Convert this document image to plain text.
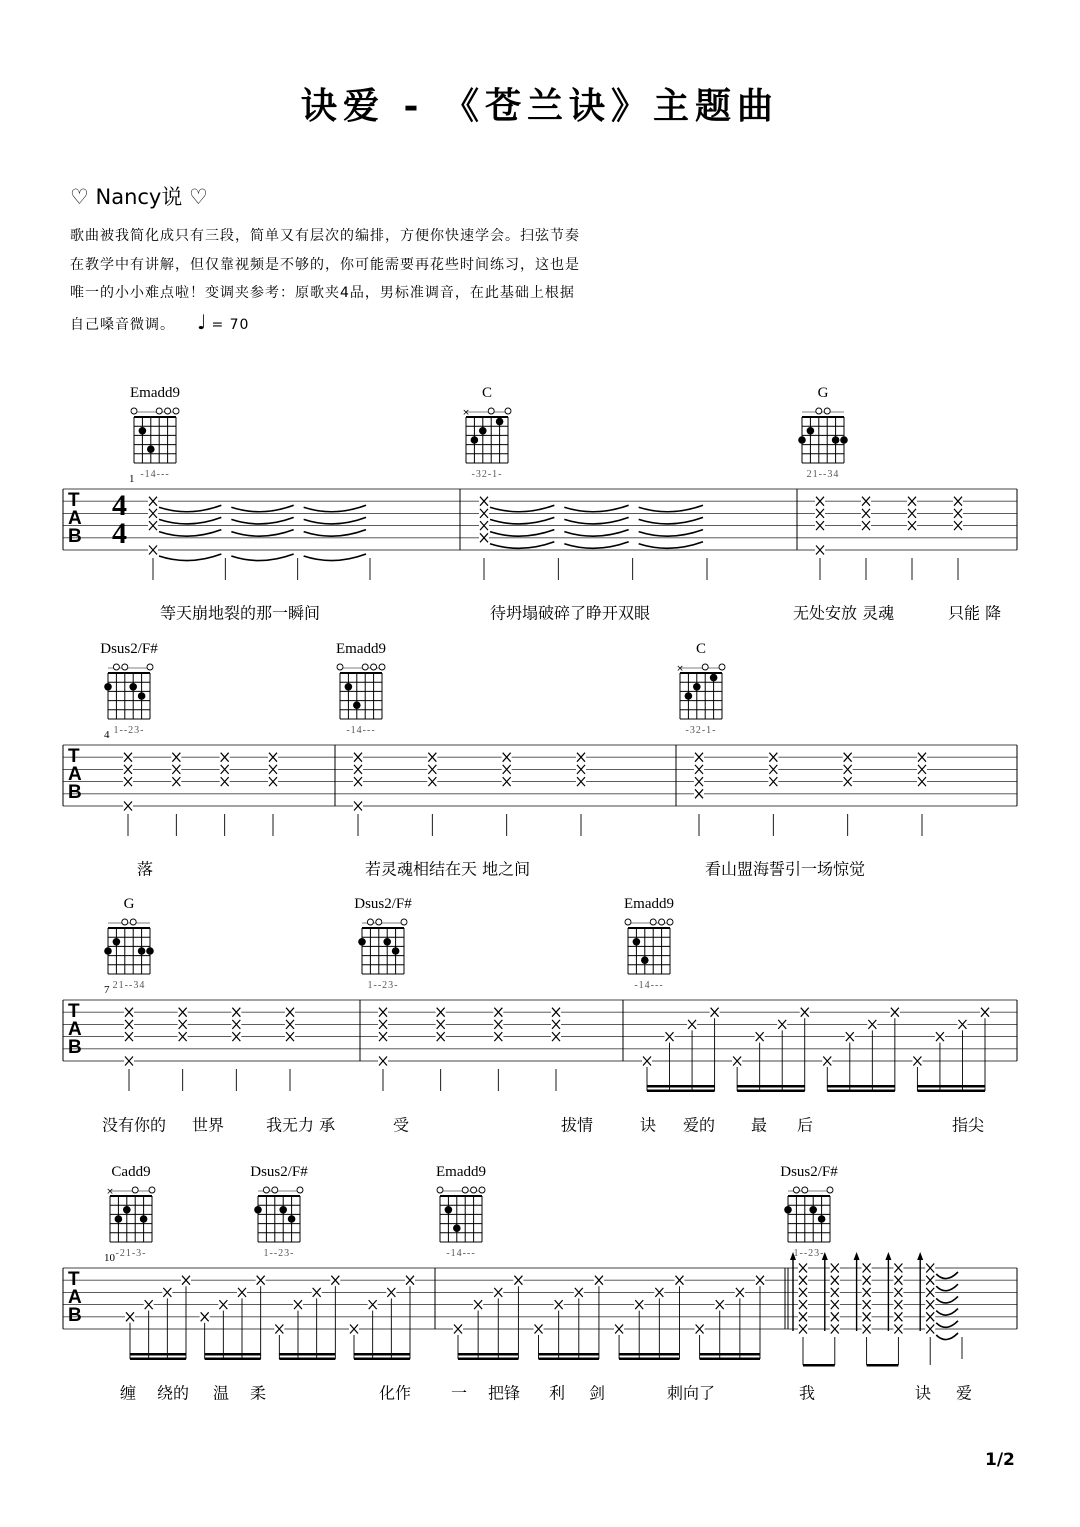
诀爱 - 《苍兰诀》主题曲
♡ Nancy说 ♡
歌曲被我简化成只有三段，简单又有层次的编排，方便你快速学会。扫弦节奏
在教学中有讲解，但仅靠视频是不够的，你可能需要再花些时间练习，这也是
唯一的小小难点啦！变调夹参考：原歌夹4品，男标准调音，在此基础上根据
自己嗓音微调。 ♩ = 70
T
A
B
1
4
4
Emadd9
-14---
C
×
-32-1-
G
21--34
T
A
B
4
Dsus2/F#
1--23-
Emadd9
-14---
C
×
-32-1-
T
A
B
7
G
21--34
Dsus2/F#
1--23-
Emadd9
-14---
T
A
B
10
Cadd9
×
-21-3-
Dsus2/F#
1--23-
Emadd9
-14---
Dsus2/F#
1--23-
等天崩地裂的那一瞬间	待坍塌破碎了睁开双眼	无处安放 灵魂	只能 降
落	若灵魂相结在天 地之间	看山盟海誓引一场惊觉
没有你的 世界	我无力 承	受	拔情	诀 爱的 最 后	指尖
缠 绕的 温 柔	化作 一 把锋 利 剑	刺向了	我	诀 爱
1/2
